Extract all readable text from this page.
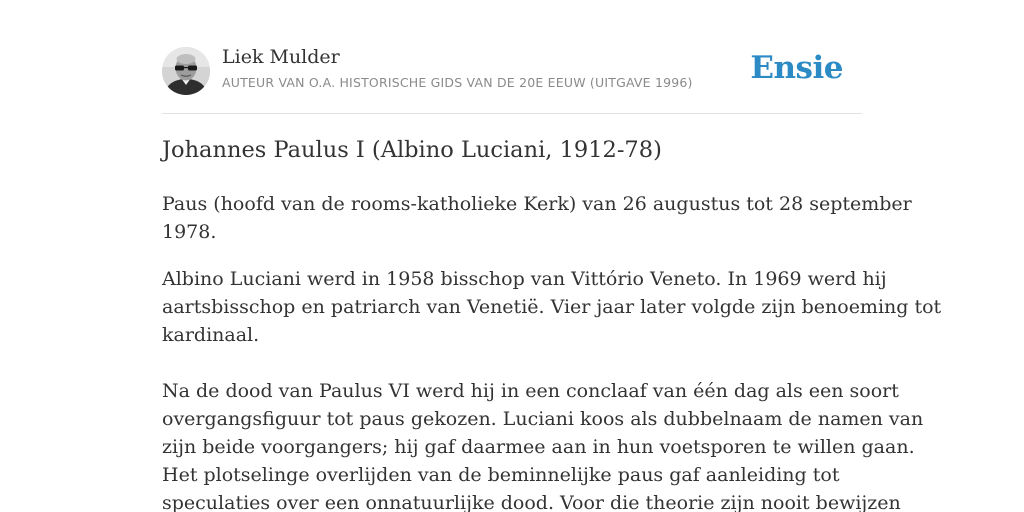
Liek Mulder
AUTEUR VAN O.A. HISTORISCHE GIDS VAN DE 20E EEUW (UITGAVE 1996) Ensie
Johannes Paulus I (Albino Luciani, 1912-78)

Paus (hoofd van de rooms-katholieke Kerk) van 26 augustus tot 28 september

1978.

Albino Luciani werd in 1958 bisschop van Vittório Veneto. In 1969 werd hij

aartsbisschop en patriarch van Venetië. Vier jaar later volgde zijn benoeming tot

kardinaal.

Na de dood van Paulus VI werd hij in een conclaaf van één dag als een soort

overgangsfiguur tot paus gekozen. Luciani koos als dubbelnaam de namen van

zijn beide voorgangers; hij gaf daarmee aan in hun voetsporen te willen gaan.

Het plotselinge overlijden van de beminnelijke paus gaf aanleiding tot

speculaties over een onnatuurlijke dood. Voor die theorie zijn nooit bewijzen
